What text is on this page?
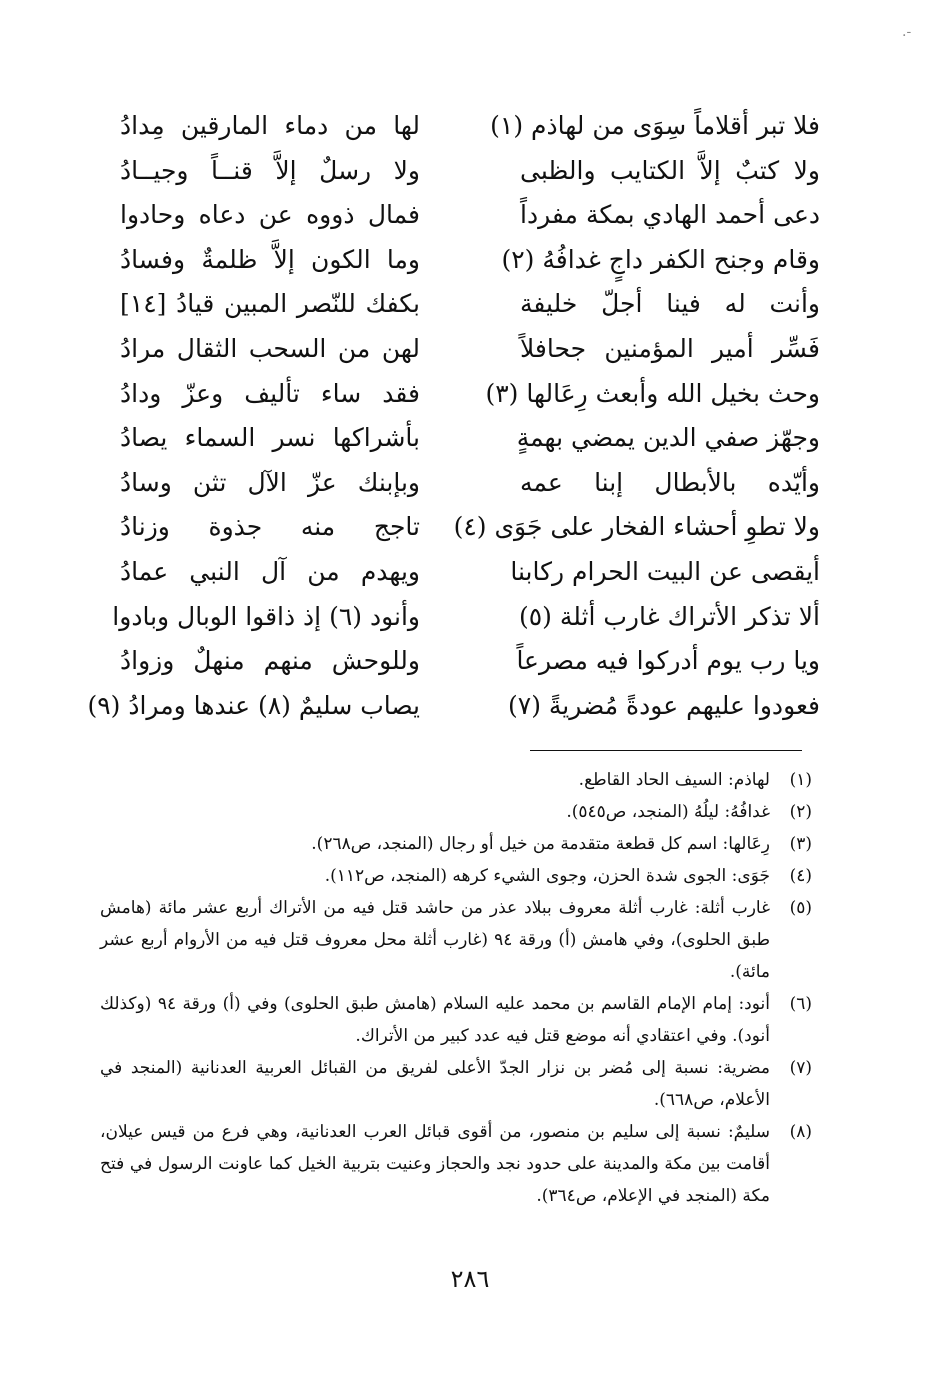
-.
فلا تبر أقلاماً سِوَى من لهاذم (١)
ولا كتبٌ إلاَّ الكتايب والظبى
دعى أحمد الهادي بمكة مفرداً
وقام وجنح الكفر داجٍ غدافُهُ (٢)
وأنت له فينا أجلّ خليفة
فَسِّر أمير المؤمنين جحافلاً
وحث بخيل الله وأبعث رِعَالها (٣)
وجهّز صفي الدين يمضي بهمةٍ
وأيّده بالأبطال إبنا عمه
ولا تطوِ أحشاء الفخار على جَوَى (٤)
أيقصى عن البيت الحرام ركابنا
ألا تذكر الأتراك غارب أثلة (٥)
ويا رب يوم أدركوا فيه مصرعاً
فعودوا عليهم عودةً مُضريةً (٧)
لها من دماء المارقين مِدادُ
ولا رسلٌ إلاَّ قنــاً وجيــادُ
فمال ذووه عن دعاه وحادوا
وما الكون إلاَّ ظلمةٌ وفسادُ
بكفك للنّصر المبين قيادُ [١٤]
لهن من السحب الثقال مرادُ
فقد ساء تأليف وعزّ ودادُ
بأشراكها نسر السماء يصادُ
وبإبنك عزّ الآل تثن وسادُ
تاجج منه جذوة وزنادُ
ويهدم من آل النبي عمادُ
وأنود (٦) إذ ذاقوا الوبال وبادوا
وللوحش منهم منهلٌ وزوادُ
يصاب سليمٌ (٨) عندها ومرادُ (٩)
(١)
لهاذم: السيف الحاد القاطع.
(٢)
غدافُهُ: ليلُهُ (المنجد، ص٥٤٥).
(٣)
رِعَالها: اسم كل قطعة متقدمة من خيل أو رجال (المنجد، ص٢٦٨).
(٤)
جَوَى: الجوى شدة الحزن، وجوى الشيء كرهه (المنجد، ص١١٢).
(٥)
غارب أثلة: غارب أثلة معروف ببلاد عذر من حاشد قتل فيه من الأتراك أربع عشر مائة (هامش طبق الحلوى)، وفي هامش (أ) ورقة ٩٤ (غارب أثلة محل معروف قتل فيه من الأروام أربع عشر مائة).
(٦)
أنود: إمام الإمام القاسم بن محمد عليه السلام (هامش طبق الحلوى) وفي (أ) ورقة ٩٤ (وكذلك أنود). وفي اعتقادي أنه موضع قتل فيه عدد كبير من الأتراك.
(٧)
مضرية: نسبة إلى مُضر بن نزار الجدّ الأعلى لفريق من القبائل العربية العدنانية (المنجد في الأعلام، ص٦٦٨).
(٨)
سليمٌ: نسبة إلى سليم بن منصور، من أقوى قبائل العرب العدنانية، وهي فرع من قيس عيلان، أقامت بين مكة والمدينة على حدود نجد والحجاز وعنيت بتربية الخيل كما عاونت الرسول في فتح مكة (المنجد في الإعلام، ص٣٦٤).
٢٨٦
